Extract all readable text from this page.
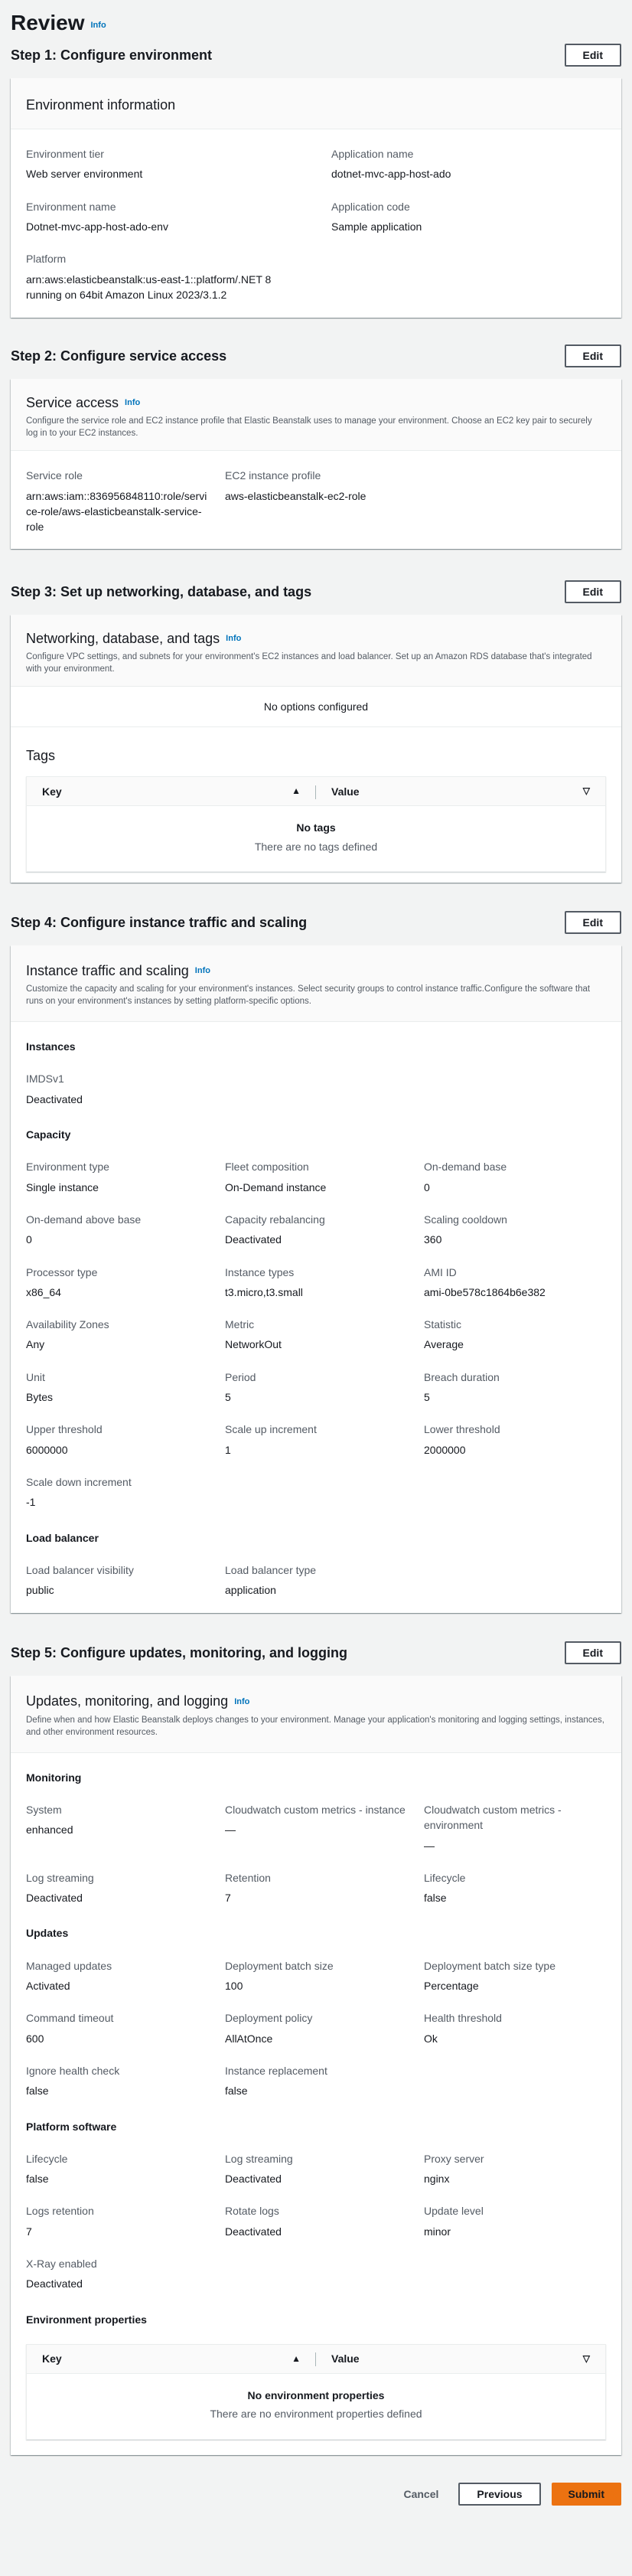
Review Info
Step 1: Configure environment	Edit
Environment information
Environment tier
Web server environment
Application name
dotnet-mvc-app-host-ado
Environment name
Dotnet-mvc-app-host-ado-env
Application code
Sample application
Platform
arn:aws:elasticbeanstalk:us-east-1::platform/.NET 8 running on 64bit Amazon Linux 2023/3.1.2
Step 2: Configure service access	Edit
Service access Info
Configure the service role and EC2 instance profile that Elastic Beanstalk uses to manage your environment. Choose an EC2 key pair to securely log in to your EC2 instances.
Service role
arn:aws:iam::836956848110:role/service-role/aws-elasticbeanstalk-service-role
EC2 instance profile
aws-elasticbeanstalk-ec2-role
Step 3: Set up networking, database, and tags	Edit
Networking, database, and tags Info
Configure VPC settings, and subnets for your environment's EC2 instances and load balancer. Set up an Amazon RDS database that's integrated with your environment.
No options configured
Tags
Key	▲	Value	▽
No tags
There are no tags defined
Step 4: Configure instance traffic and scaling	Edit
Instance traffic and scaling Info
Customize the capacity and scaling for your environment's instances. Select security groups to control instance traffic.Configure the software that runs on your environment's instances by setting platform-specific options.
Instances
IMDSv1
Deactivated
Capacity
Environment type
Single instance
Fleet composition
On-Demand instance
On-demand base
0
On-demand above base
0
Capacity rebalancing
Deactivated
Scaling cooldown
360
Processor type
x86_64
Instance types
t3.micro,t3.small
AMI ID
ami-0be578c1864b6e382
Availability Zones
Any
Metric
NetworkOut
Statistic
Average
Unit
Bytes
Period
5
Breach duration
5
Upper threshold
6000000
Scale up increment
1
Lower threshold
2000000
Scale down increment
-1
Load balancer
Load balancer visibility
public
Load balancer type
application
Step 5: Configure updates, monitoring, and logging	Edit
Updates, monitoring, and logging Info
Define when and how Elastic Beanstalk deploys changes to your environment. Manage your application's monitoring and logging settings, instances, and other environment resources.
Monitoring
System
enhanced
Cloudwatch custom metrics - instance
—
Cloudwatch custom metrics - environment
—
Log streaming
Deactivated
Retention
7
Lifecycle
false
Updates
Managed updates
Activated
Deployment batch size
100
Deployment batch size type
Percentage
Command timeout
600
Deployment policy
AllAtOnce
Health threshold
Ok
Ignore health check
false
Instance replacement
false
Platform software
Lifecycle
false
Log streaming
Deactivated
Proxy server
nginx
Logs retention
7
Rotate logs
Deactivated
Update level
minor
X-Ray enabled
Deactivated
Environment properties
Key	▲	Value	▽
No environment properties
There are no environment properties defined
Cancel	Previous	Submit
